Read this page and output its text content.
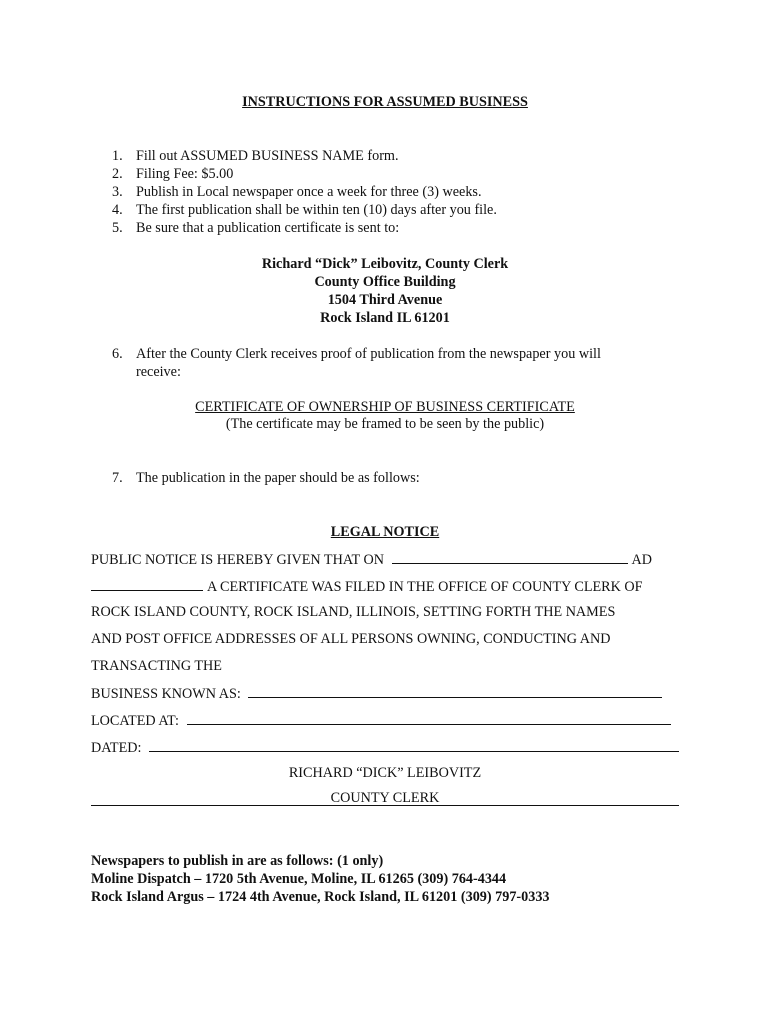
INSTRUCTIONS FOR ASSUMED BUSINESS
1. Fill out ASSUMED BUSINESS NAME form.
2. Filing Fee: $5.00
3. Publish in Local newspaper once a week for three (3) weeks.
4. The first publication shall be within ten (10) days after you file.
5. Be sure that a publication certificate is sent to:
Richard “Dick” Leibovitz, County Clerk
County Office Building
1504 Third Avenue
Rock Island IL 61201
6. After the County Clerk receives proof of publication from the newspaper you will
receive:
CERTIFICATE OF OWNERSHIP OF BUSINESS CERTIFICATE
(The certificate may be framed to be seen by the public)
7. The publication in the paper should be as follows:
LEGAL NOTICE
PUBLIC NOTICE IS HEREBY GIVEN THAT ON	AD
A CERTIFICATE WAS FILED IN THE OFFICE OF COUNTY CLERK OF
ROCK ISLAND COUNTY, ROCK ISLAND, ILLINOIS, SETTING FORTH THE NAMES
AND POST OFFICE ADDRESSES OF ALL PERSONS OWNING, CONDUCTING AND
TRANSACTING THE
BUSINESS KNOWN AS:
LOCATED AT:
DATED:
RICHARD “DICK” LEIBOVITZ
COUNTY CLERK
Newspapers to publish in are as follows: (1 only)
Moline Dispatch – 1720 5th Avenue, Moline, IL 61265 (309) 764-4344
Rock Island Argus – 1724 4th Avenue, Rock Island, IL 61201 (309) 797-0333
